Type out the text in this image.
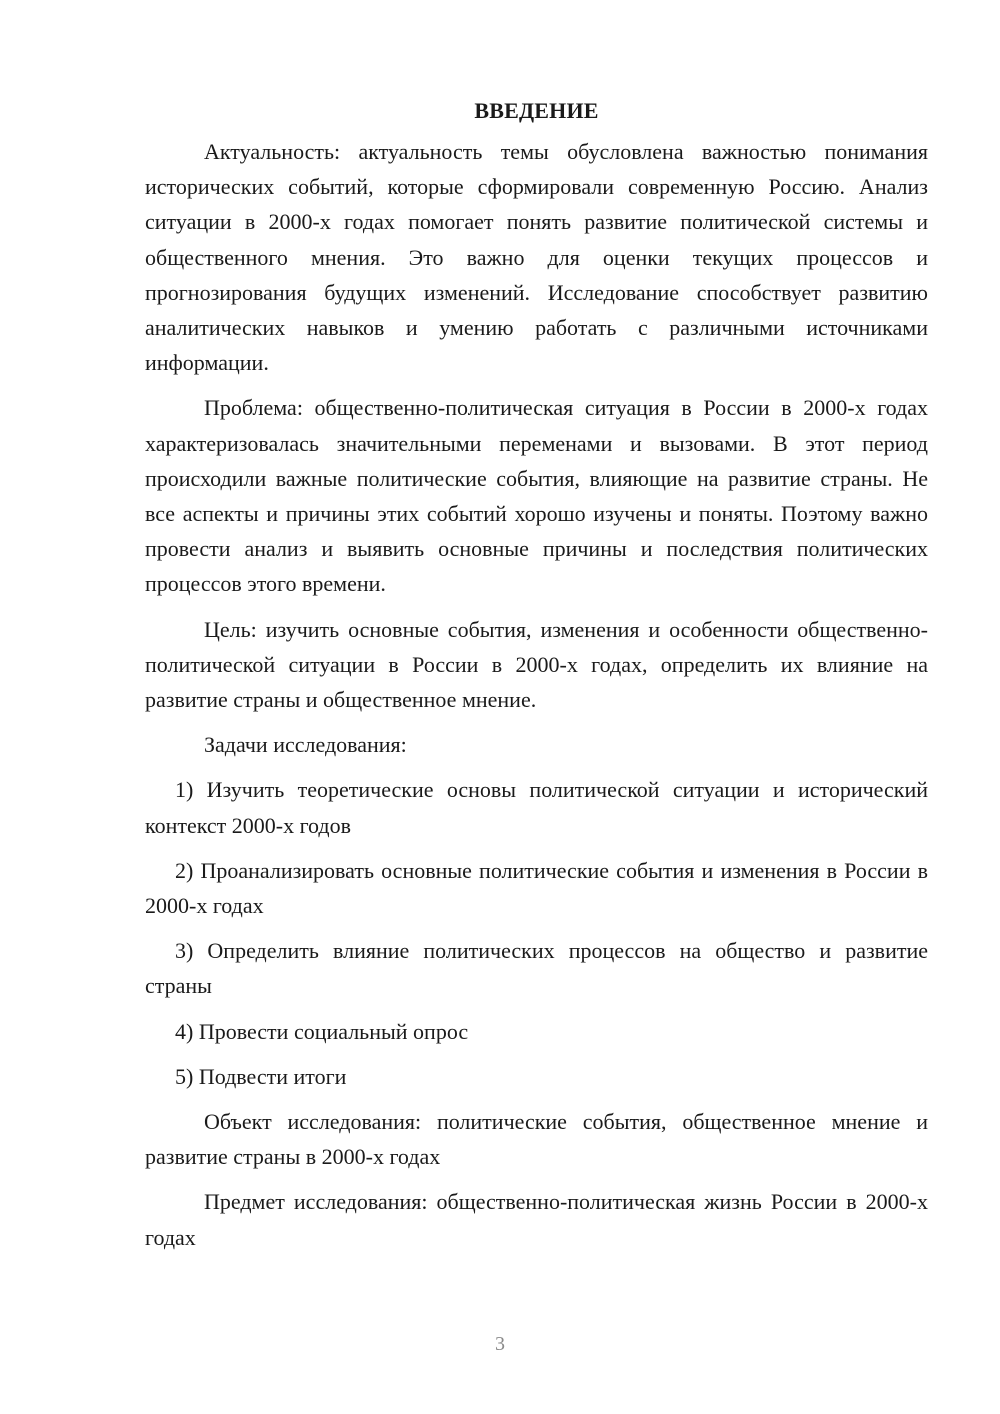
ВВЕДЕНИЕ

Актуальность: актуальность темы обусловлена важностью понимания исторических событий, которые сформировали современную Россию. Анализ ситуации в 2000-х годах помогает понять развитие политической системы и общественного мнения. Это важно для оценки текущих процессов и прогнозирования будущих изменений. Исследование способствует развитию аналитических навыков и умению работать с различными источниками информации.

Проблема: общественно-политическая ситуация в России в 2000-х годах характеризовалась значительными переменами и вызовами. В этот период происходили важные политические события, влияющие на развитие страны. Не все аспекты и причины этих событий хорошо изучены и поняты. Поэтому важно провести анализ и выявить основные причины и последствия политических процессов этого времени.

Цель: изучить основные события, изменения и особенности общественно-политической ситуации в России в 2000-х годах, определить их влияние на развитие страны и общественное мнение.

Задачи исследования:

1) Изучить теоретические основы политической ситуации и исторический контекст 2000-х годов

2) Проанализировать основные политические события и изменения в России в 2000-х годах

3) Определить влияние политических процессов на общество и развитие страны

4) Провести социальный опрос

5) Подвести итоги

Объект исследования: политические события, общественное мнение и развитие страны в 2000-х годах

Предмет исследования: общественно-политическая жизнь России в 2000-х годах

3
